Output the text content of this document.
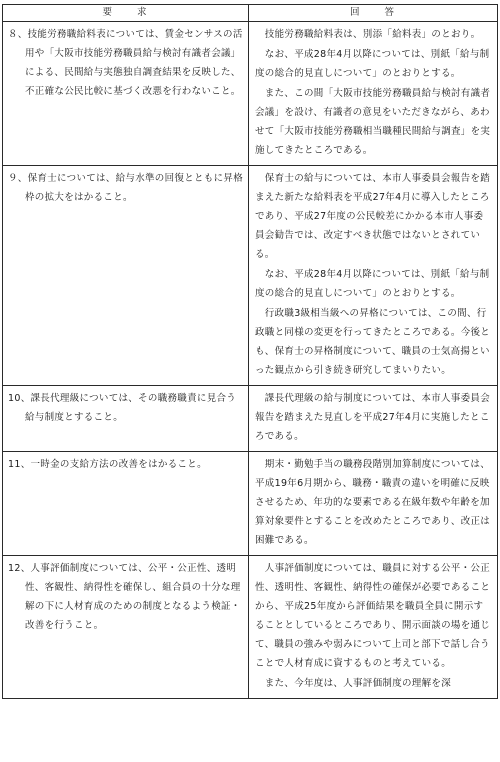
要　　求	回　　答

８、技能労務職給料表については、賃金センサスの活用や「大阪市技能労務職員給与検討有識者会議」による、民間給与実態独自調査結果を反映した、不正確な公民比較に基づく改悪を行わないこと。	　技能労務職給料表は、別添「給料表」のとおり。

　なお、平成28年4月以降については、別紙「給与制度の総合的見直しについて」のとおりとする。

　また、この間「大阪市技能労務職員給与検討有識者会議」を設け、有識者の意見をいただきながら、あわせて「大阪市技能労務職相当職種民間給与調査」を実施してきたところである。

９、保育士については、給与水準の回復とともに昇格枠の拡大をはかること。	　保育士の給与については、本市人事委員会報告を踏まえた新たな給料表を平成27年4月に導入したところであり、平成27年度の公民較差にかかる本市人事委員会勧告では、改定すべき状態ではないとされている。

　なお、平成28年4月以降については、別紙「給与制度の総合的見直しについて」のとおりとする。

　行政職3級相当級への昇格については、この間、行政職と同様の変更を行ってきたところである。今後とも、保育士の昇格制度について、職員の士気高揚といった観点から引き続き研究してまいりたい。

10、課長代理級については、その職務職責に見合う給与制度とすること。	　課長代理級の給与制度については、本市人事委員会報告を踏まえた見直しを平成27年4月に実施したところである。

11、一時金の支給方法の改善をはかること。	　期末・勤勉手当の職務段階別加算制度については、平成19年6月期から、職務・職責の違いを明確に反映させるため、年功的な要素である在級年数や年齢を加算対象要件とすることを改めたところであり、改正は困難である。

12、人事評価制度については、公平・公正性、透明性、客観性、納得性を確保し、組合員の十分な理解の下に人材育成のための制度となるよう検証・改善を行うこと。	　人事評価制度については、職員に対する公平・公正性、透明性、客観性、納得性の確保が必要であることから、平成25年度から評価結果を職員全員に開示することとしているところであり、開示面談の場を通じて、職員の強みや弱みについて上司と部下で話し合うことで人材育成に資するものと考えている。

　また、今年度は、人事評価制度の理解を深
